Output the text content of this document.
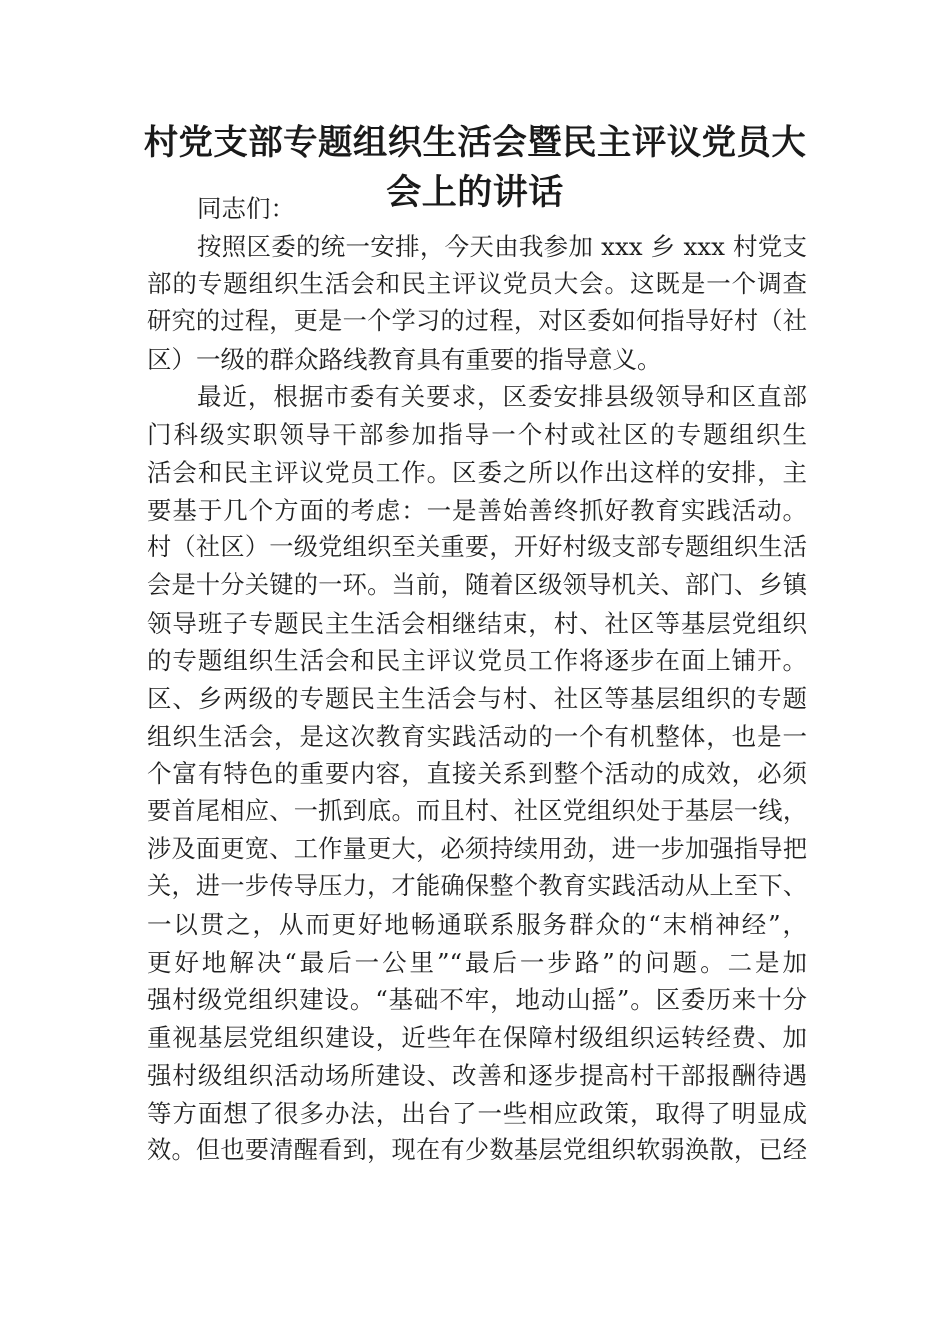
村党支部专题组织生活会暨民主评议党员大
会上的讲话
同志们：
按照区委的统一安排，今天由我参加 xxx 乡 xxx 村党支
部的专题组织生活会和民主评议党员大会。这既是一个调查
研究的过程，更是一个学习的过程，对区委如何指导好村（社
区）一级的群众路线教育具有重要的指导意义。
最近，根据市委有关要求，区委安排县级领导和区直部
门科级实职领导干部参加指导一个村或社区的专题组织生
活会和民主评议党员工作。区委之所以作出这样的安排，主
要基于几个方面的考虑：一是善始善终抓好教育实践活动。
村（社区）一级党组织至关重要，开好村级支部专题组织生活
会是十分关键的一环。当前，随着区级领导机关、部门、乡镇
领导班子专题民主生活会相继结束，村、社区等基层党组织
的专题组织生活会和民主评议党员工作将逐步在面上铺开。
区、乡两级的专题民主生活会与村、社区等基层组织的专题
组织生活会，是这次教育实践活动的一个有机整体，也是一
个富有特色的重要内容，直接关系到整个活动的成效，必须
要首尾相应、一抓到底。而且村、社区党组织处于基层一线，
涉及面更宽、工作量更大，必须持续用劲，进一步加强指导把
关，进一步传导压力，才能确保整个教育实践活动从上至下、
一以贯之，从而更好地畅通联系服务群众的“末梢神经”，
更好地解决“最后一公里”“最后一步路”的问题。二是加
强村级党组织建设。“基础不牢，地动山摇”。区委历来十分
重视基层党组织建设，近些年在保障村级组织运转经费、加
强村级组织活动场所建设、改善和逐步提高村干部报酬待遇
等方面想了很多办法，出台了一些相应政策，取得了明显成
效。但也要清醒看到，现在有少数基层党组织软弱涣散，已经
